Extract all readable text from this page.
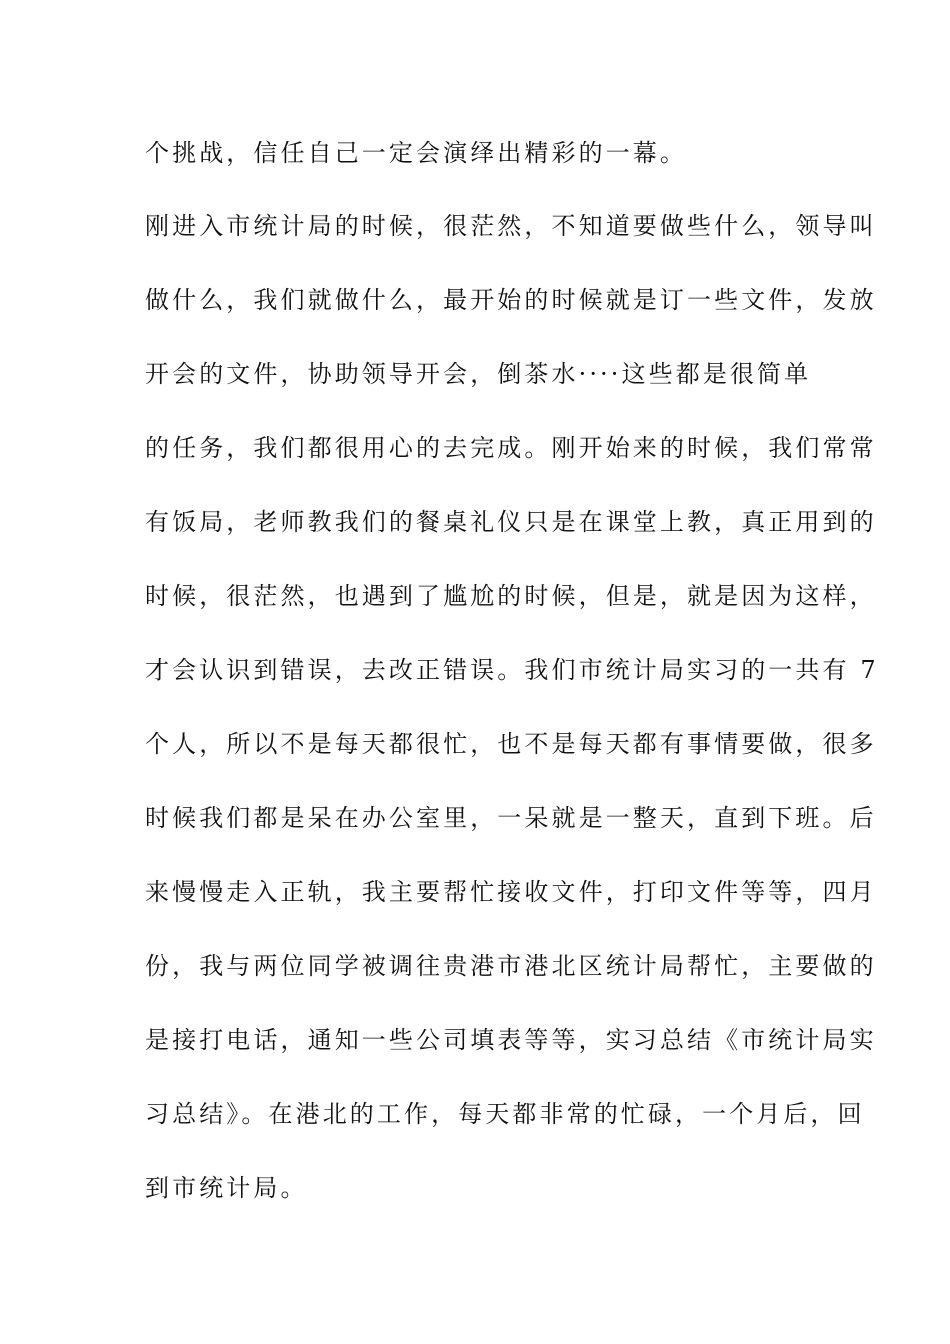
个挑战，信任自己一定会演绎出精彩的一幕。
刚进入市统计局的时候，很茫然，不知道要做些什么，领导叫
做什么，我们就做什么，最开始的时候就是订一些文件，发放
开会的文件，协助领导开会，倒茶水····这些都是很简单
的任务，我们都很用心的去完成。刚开始来的时候，我们常常
有饭局，老师教我们的餐桌礼仪只是在课堂上教，真正用到的
时候，很茫然，也遇到了尴尬的时候，但是，就是因为这样，
才会认识到错误，去改正错误。我们市统计局实习的一共有 7
个人，所以不是每天都很忙，也不是每天都有事情要做，很多
时候我们都是呆在办公室里，一呆就是一整天，直到下班。后
来慢慢走入正轨，我主要帮忙接收文件，打印文件等等，四月
份，我与两位同学被调往贵港市港北区统计局帮忙，主要做的
是接打电话，通知一些公司填表等等，实习总结《市统计局实
习总结》。在港北的工作，每天都非常的忙碌，一个月后，回
到市统计局。
